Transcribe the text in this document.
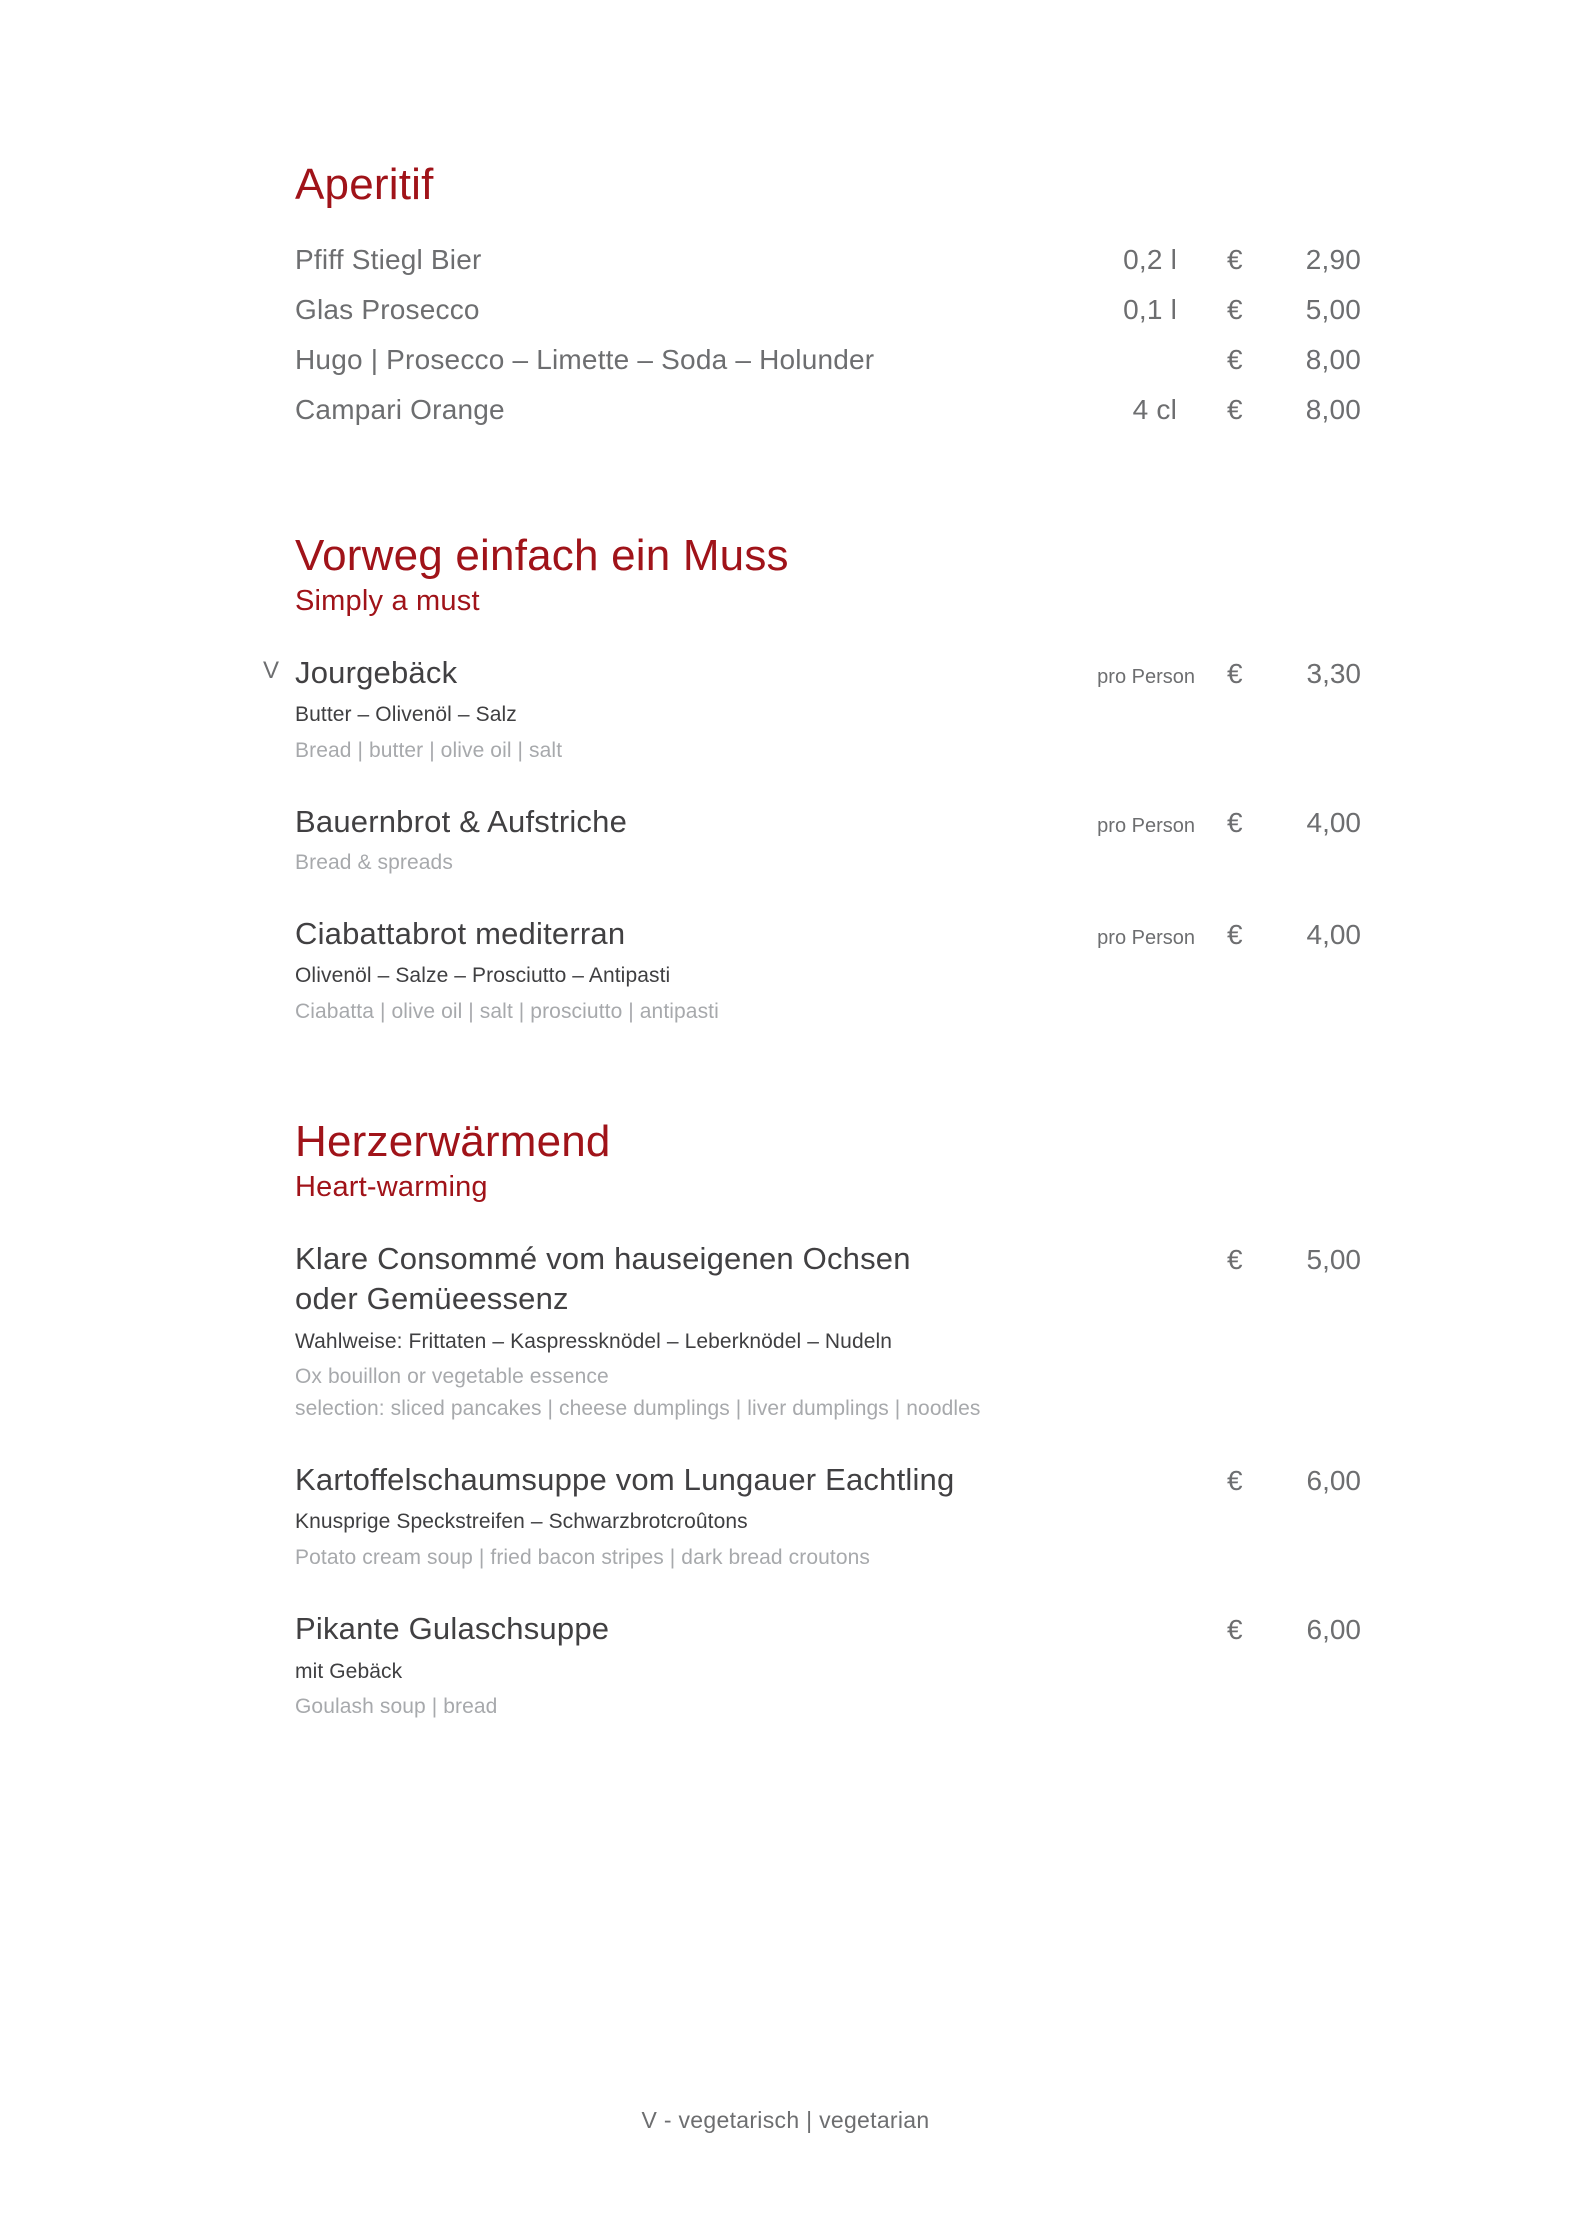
Aperitif
Pfiff Stiegl Bier	0,2 l	€	2,90
Glas Prosecco	0,1 l	€	5,00
Hugo | Prosecco – Limette – Soda – Holunder	€	8,00
Campari Orange	4 cl	€	8,00
Vorweg einfach ein Muss
Simply a must
V Jourgebäck	pro Person	€	3,30
Butter – Olivenöl – Salz
Bread | butter | olive oil | salt
Bauernbrot & Aufstriche	pro Person	€	4,00
Bread & spreads
Ciabattabrot mediterran	pro Person	€	4,00
Olivenöl – Salze – Prosciutto – Antipasti
Ciabatta | olive oil | salt | prosciutto | antipasti
Herzerwärmend
Heart-warming
Klare Consommé vom hauseigenen Ochsen
oder Gemüeessenz
€	5,00
Wahlweise: Frittaten – Kaspressknödel – Leberknödel – Nudeln
Ox bouillon or vegetable essence
selection: sliced pancakes | cheese dumplings | liver dumplings | noodles
Kartoffelschaumsuppe vom Lungauer Eachtling	€	6,00
Knusprige Speckstreifen – Schwarzbrotcroûtons
Potato cream soup | fried bacon stripes | dark bread croutons
Pikante Gulaschsuppe	€	6,00
mit Gebäck
Goulash soup | bread
V - vegetarisch | vegetarian
